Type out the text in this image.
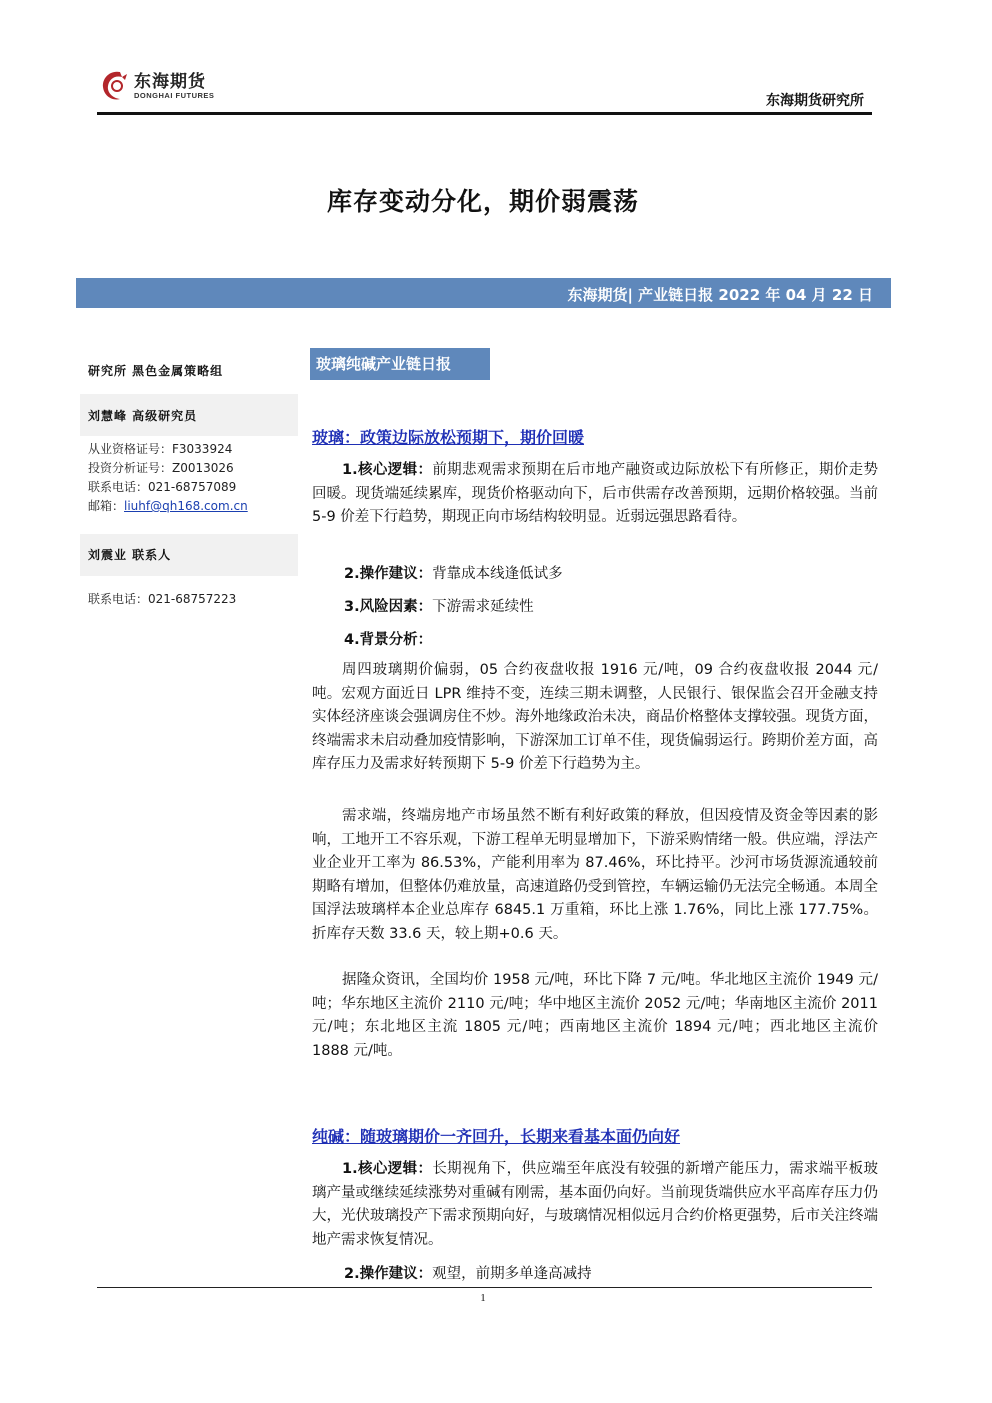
东海期货
DONGHAI FUTURES	东海期货研究所
库存变动分化，期价弱震荡
东海期货| 产业链日报 2022 年 04 月 22 日
研究所 黑色金属策略组
刘慧峰 高级研究员
从业资格证号：F3033924
投资分析证号：Z0013026
联系电话：021-68757089
邮箱：liuhf@qh168.com.cn
刘震业 联系人
联系电话：021-68757223
玻璃纯碱产业链日报
玻璃：政策边际放松预期下，期价回暖
1.核心逻辑：前期悲观需求预期在后市地产融资或边际放松下有所修正，期价走势回暖。现货端延续累库，现货价格驱动向下，后市供需存改善预期，远期价格较强。当前 5-9 价差下行趋势，期现正向市场结构较明显。近弱远强思路看待。
2.操作建议：背靠成本线逢低试多
3.风险因素：下游需求延续性
4.背景分析：
周四玻璃期价偏弱，05 合约夜盘收报 1916 元/吨，09 合约夜盘收报 2044 元/吨。宏观方面近日 LPR 维持不变，连续三期未调整，人民银行、银保监会召开金融支持实体经济座谈会强调房住不炒。海外地缘政治未决，商品价格整体支撑较强。现货方面，终端需求未启动叠加疫情影响，下游深加工订单不佳，现货偏弱运行。跨期价差方面，高库存压力及需求好转预期下 5-9 价差下行趋势为主。
需求端，终端房地产市场虽然不断有利好政策的释放，但因疫情及资金等因素的影响，工地开工不容乐观，下游工程单无明显增加下，下游采购情绪一般。供应端，浮法产业企业开工率为 86.53%，产能利用率为 87.46%，环比持平。沙河市场货源流通较前期略有增加，但整体仍难放量，高速道路仍受到管控，车辆运输仍无法完全畅通。本周全国浮法玻璃样本企业总库存 6845.1 万重箱，环比上涨 1.76%，同比上涨 177.75%。折库存天数 33.6 天，较上期+0.6 天。
据隆众资讯，全国均价 1958 元/吨，环比下降 7 元/吨。华北地区主流价 1949 元/吨；华东地区主流价 2110 元/吨；华中地区主流价 2052 元/吨；华南地区主流价 2011 元/吨；东北地区主流 1805 元/吨；西南地区主流价 1894 元/吨；西北地区主流价 1888 元/吨。
纯碱：随玻璃期价一齐回升，长期来看基本面仍向好
1.核心逻辑：长期视角下，供应端至年底没有较强的新增产能压力，需求端平板玻璃产量或继续延续涨势对重碱有刚需，基本面仍向好。当前现货端供应水平高库存压力仍大，光伏玻璃投产下需求预期向好，与玻璃情况相似远月合约价格更强势，后市关注终端地产需求恢复情况。
2.操作建议：观望，前期多单逢高减持
1
